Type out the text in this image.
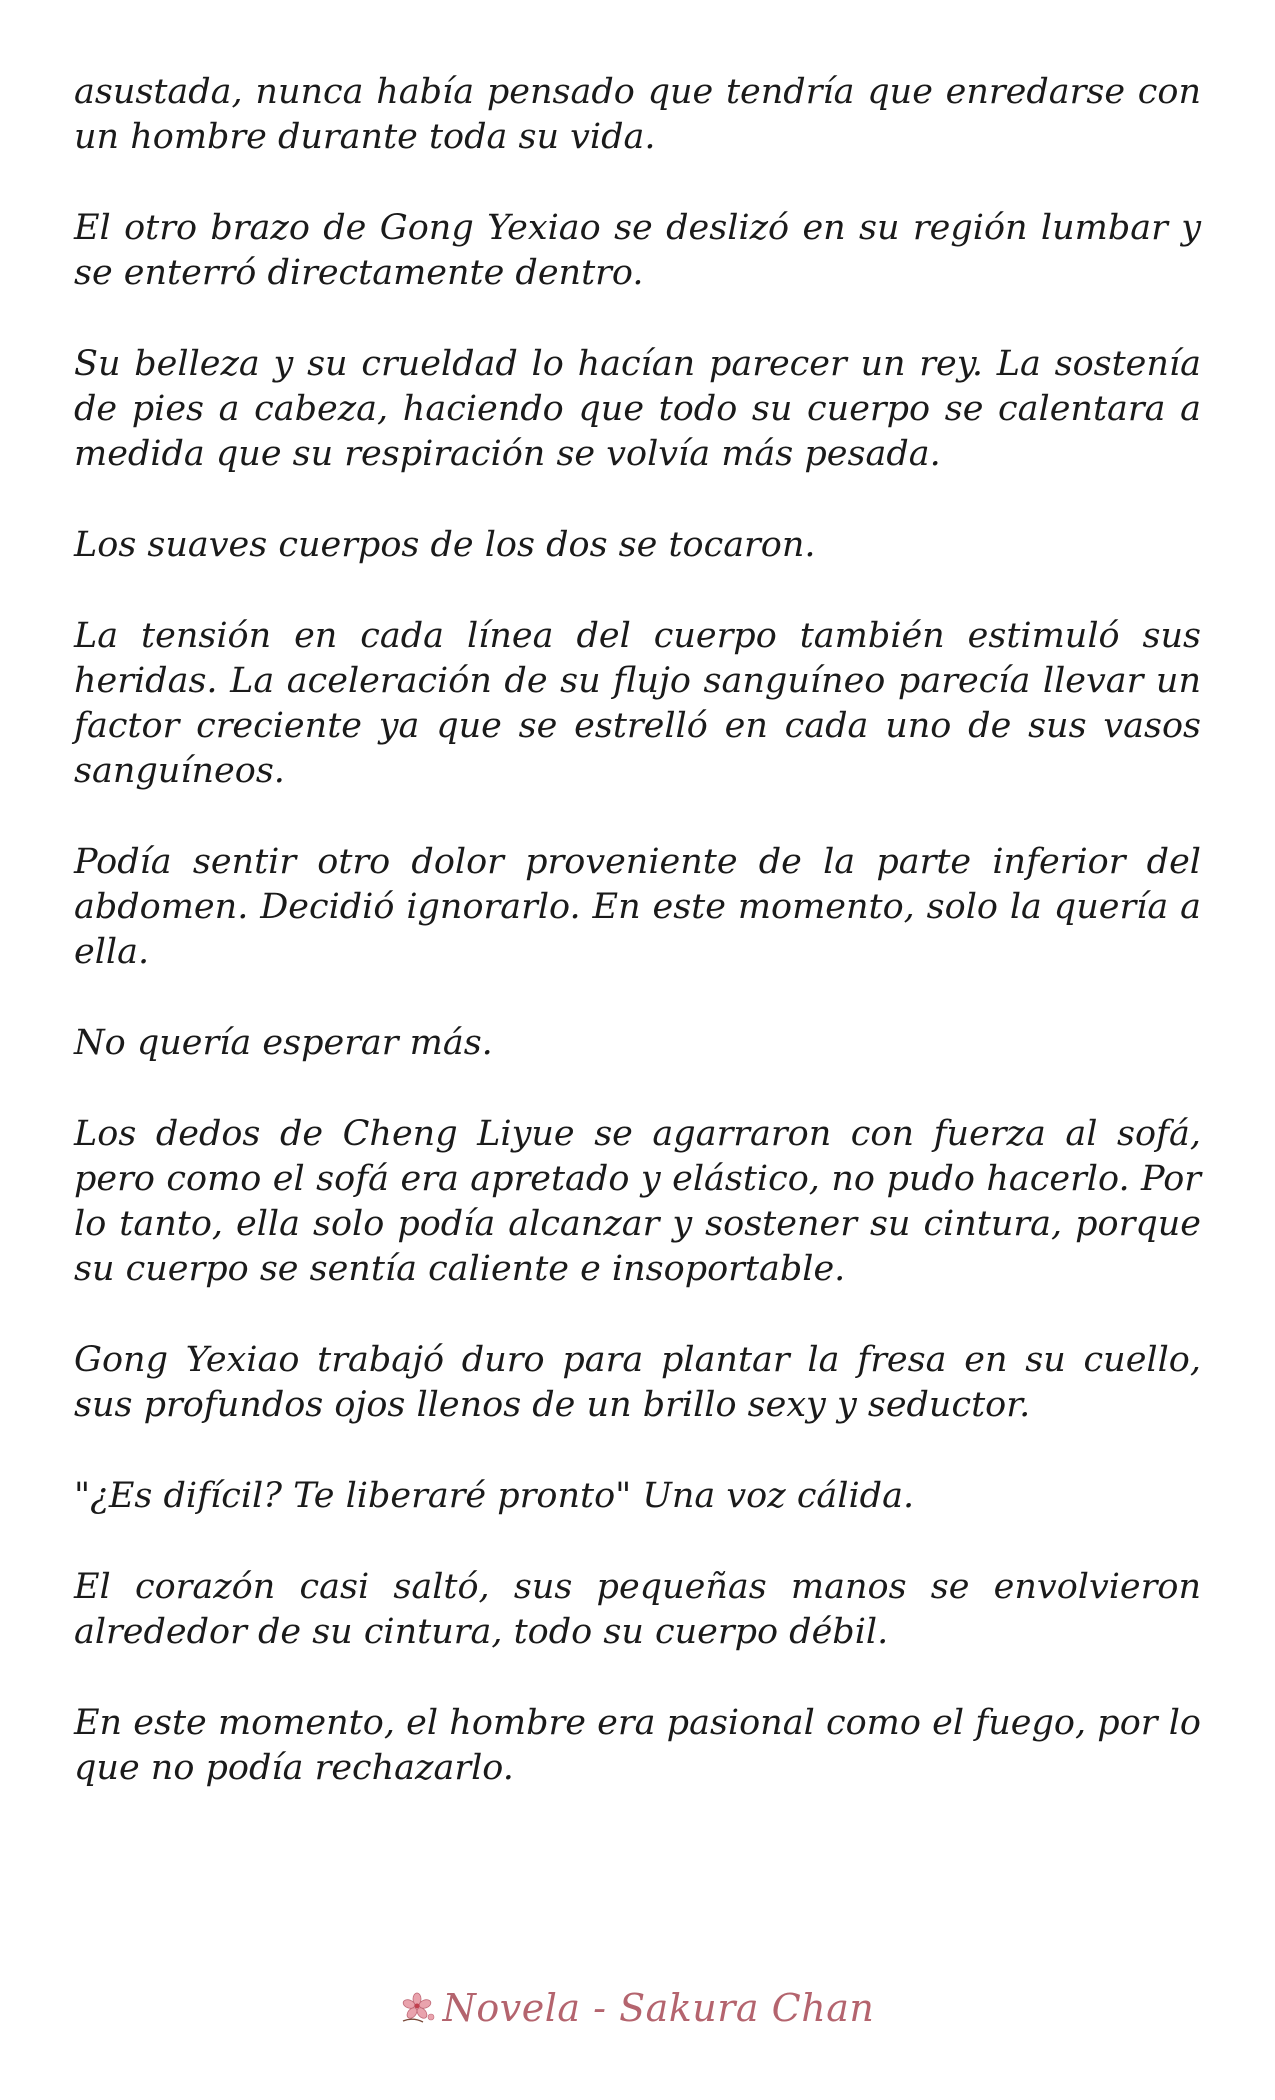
asustada, nunca había pensado que tendría que enredarse con un hombre durante toda su vida.

El otro brazo de Gong Yexiao se deslizó en su región lumbar y se enterró directamente dentro.

Su belleza y su crueldad lo hacían parecer un rey. La sostenía de pies a cabeza, haciendo que todo su cuerpo se calentara a medida que su respiración se volvía más pesada.

Los suaves cuerpos de los dos se tocaron.

La tensión en cada línea del cuerpo también estimuló sus heridas. La aceleración de su flujo sanguíneo parecía llevar un factor creciente ya que se estrelló en cada uno de sus vasos sanguíneos.

Podía sentir otro dolor proveniente de la parte inferior del abdomen. Decidió ignorarlo. En este momento, solo la quería a ella.

No quería esperar más.

Los dedos de Cheng Liyue se agarraron con fuerza al sofá, pero como el sofá era apretado y elástico, no pudo hacerlo. Por lo tanto, ella solo podía alcanzar y sostener su cintura, porque su cuerpo se sentía caliente e insoportable.

Gong Yexiao trabajó duro para plantar la fresa en su cuello, sus profundos ojos llenos de un brillo sexy y seductor.

"¿Es difícil? Te liberaré pronto" Una voz cálida.

El corazón casi saltó, sus pequeñas manos se envolvieron alrededor de su cintura, todo su cuerpo débil.

En este momento, el hombre era pasional como el fuego, por lo que no podía rechazarlo.

Novela - Sakura Chan
